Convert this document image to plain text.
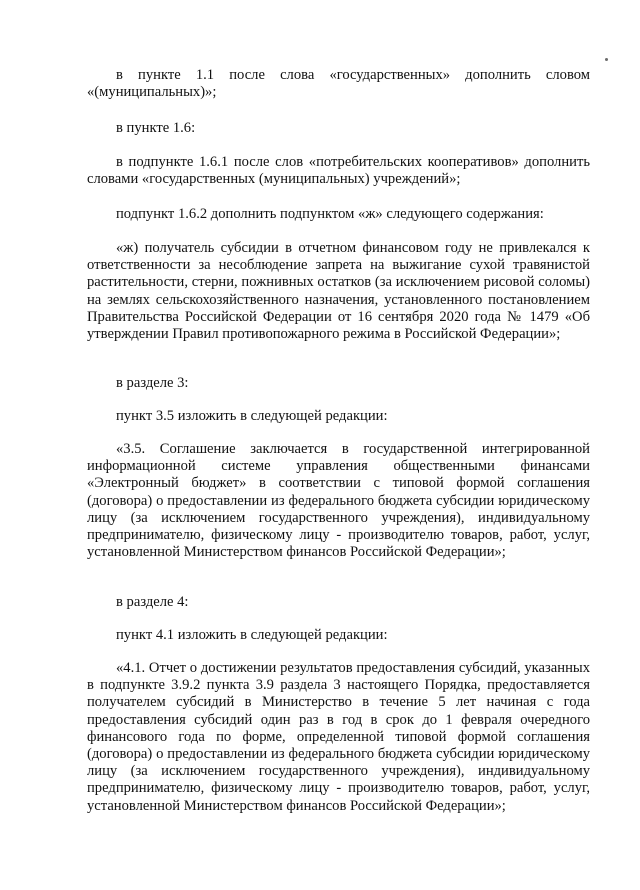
в пункте 1.1 после слова «государственных» дополнить словом «(муниципальных)»;

в пункте 1.6:

в подпункте 1.6.1 после слов «потребительских кооперативов» дополнить словами «государственных (муниципальных) учреждений»;

подпункт 1.6.2 дополнить подпунктом «ж» следующего содержания:

«ж) получатель субсидии в отчетном финансовом году не привлекался к ответственности за несоблюдение запрета на выжигание сухой травянистой растительности, стерни, пожнивных остатков (за исключением рисовой соломы) на землях сельскохозяйственного назначения, установленного постановлением Правительства Российской Федерации от 16 сентября 2020 года № 1479 «Об утверждении Правил противопожарного режима в Российской Федерации»;

в разделе 3:

пункт 3.5 изложить в следующей редакции:

«3.5. Соглашение заключается в государственной интегрированной информационной системе управления общественными финансами «Электронный бюджет» в соответствии с типовой формой соглашения (договора) о предоставлении из федерального бюджета субсидии юридическому лицу (за исключением государственного учреждения), индивидуальному предпринимателю, физическому лицу - производителю товаров, работ, услуг, установленной Министерством финансов Российской Федерации»;

в разделе 4:

пункт 4.1 изложить в следующей редакции:

«4.1. Отчет о достижении результатов предоставления субсидий, указанных в подпункте 3.9.2 пункта 3.9 раздела 3 настоящего Порядка, предоставляется получателем субсидий в Министерство в течение 5 лет начиная с года предоставления субсидий один раз в год в срок до 1 февраля очередного финансового года по форме, определенной типовой формой соглашения (договора) о предоставлении из федерального бюджета субсидии юридическому лицу (за исключением государственного учреждения), индивидуальному предпринимателю, физическому лицу - производителю товаров, работ, услуг, установленной Министерством финансов Российской Федерации»;
